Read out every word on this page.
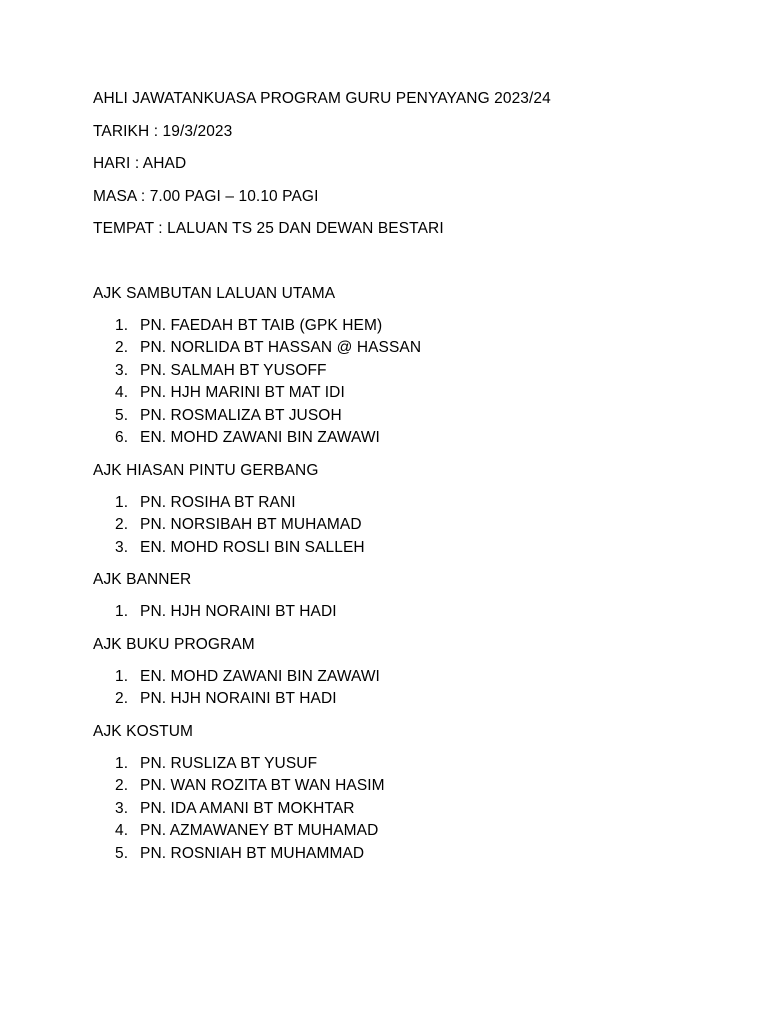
AHLI JAWATANKUASA PROGRAM GURU PENYAYANG 2023/24
TARIKH : 19/3/2023
HARI : AHAD
MASA : 7.00 PAGI – 10.10 PAGI
TEMPAT : LALUAN TS 25 DAN DEWAN BESTARI
AJK SAMBUTAN LALUAN UTAMA
1. PN. FAEDAH BT TAIB (GPK HEM)
2. PN. NORLIDA BT HASSAN @ HASSAN
3. PN. SALMAH BT YUSOFF
4. PN. HJH MARINI BT MAT IDI
5. PN. ROSMALIZA BT JUSOH
6. EN. MOHD ZAWANI BIN ZAWAWI
AJK HIASAN PINTU GERBANG
1. PN. ROSIHA BT RANI
2. PN. NORSIBAH BT MUHAMAD
3. EN. MOHD ROSLI BIN SALLEH
AJK BANNER
1. PN. HJH NORAINI BT HADI
AJK BUKU PROGRAM
1. EN. MOHD ZAWANI BIN ZAWAWI
2. PN. HJH NORAINI BT HADI
AJK KOSTUM
1. PN. RUSLIZA BT YUSUF
2. PN. WAN ROZITA BT WAN HASIM
3. PN. IDA AMANI BT MOKHTAR
4. PN. AZMAWANEY BT MUHAMAD
5. PN. ROSNIAH BT MUHAMMAD
